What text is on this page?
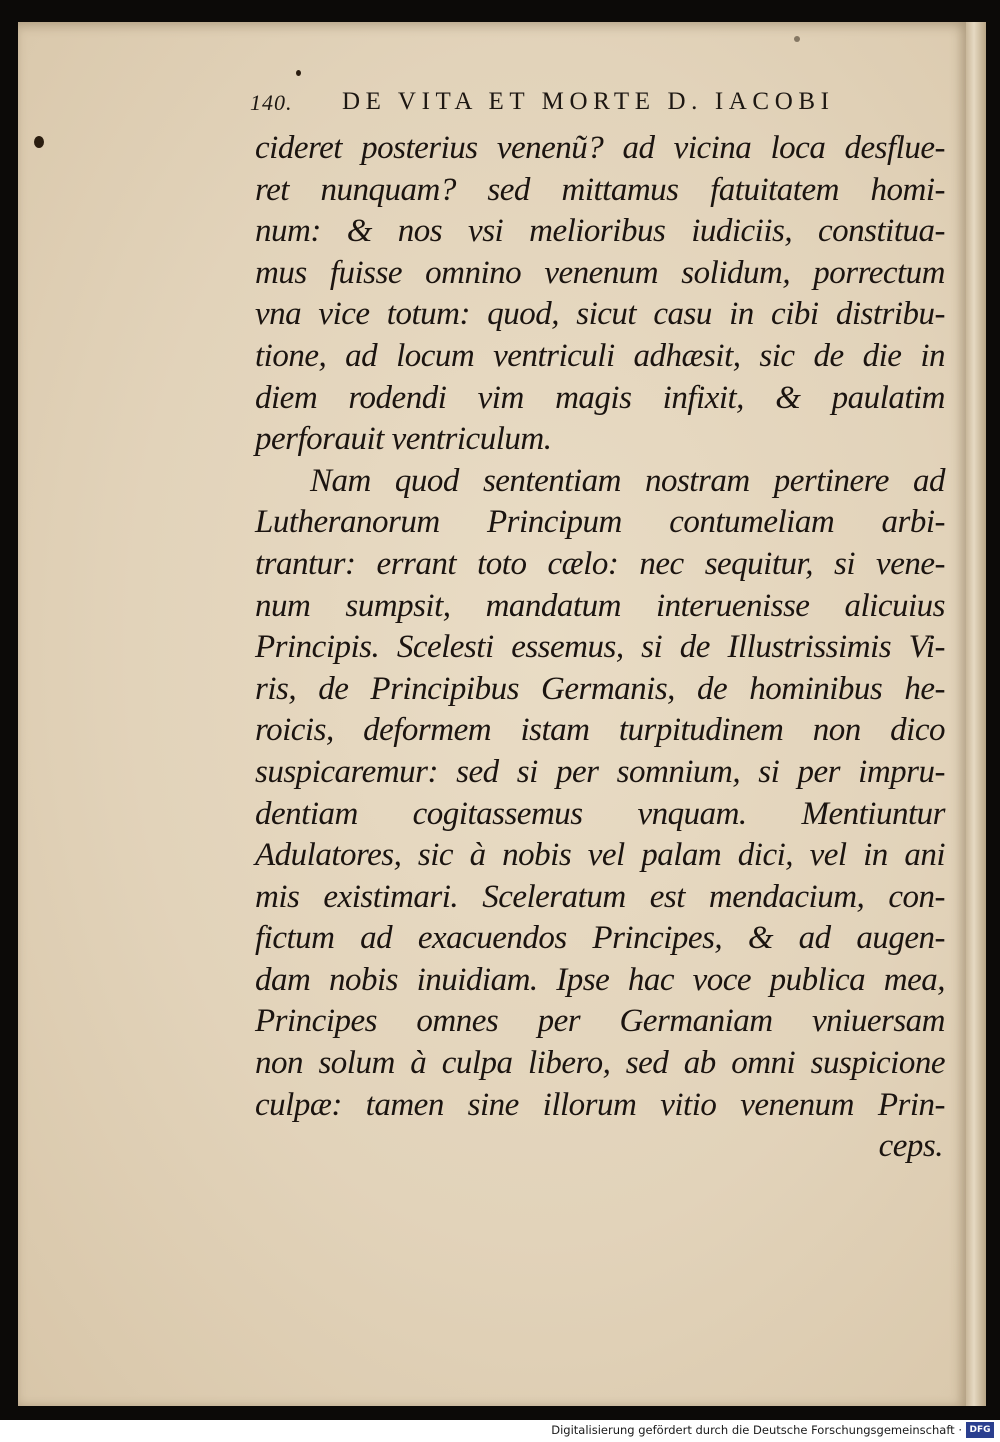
140. DE VITA ET MORTE D. IACOBI
cideret posterius venenũ? ad vicina loca desflue-
ret nunquam? sed mittamus fatuitatem homi-
num: & nos vsi melioribus iudiciis, constitua-
mus fuisse omnino venenum solidum, porrectum
vna vice totum: quod, sicut casu in cibi distribu-
tione, ad locum ventriculi adhæsit, sic de die in
diem rodendi vim magis infixit, & paulatim
perforauit ventriculum.
Nam quod sententiam nostram pertinere ad
Lutheranorum Principum contumeliam arbi-
trantur: errant toto cælo: nec sequitur, si vene-
num sumpsit, mandatum interuenisse alicuius
Principis. Scelesti essemus, si de Illustrissimis Vi-
ris, de Principibus Germanis, de hominibus he-
roicis, deformem istam turpitudinem non dico
suspicaremur: sed si per somnium, si per impru-
dentiam cogitassemus vnquam. Mentiuntur
Adulatores, sic à nobis vel palam dici, vel in ani
mis existimari. Sceleratum est mendacium, con-
fictum ad exacuendos Principes, & ad augen-
dam nobis inuidiam. Ipse hac voce publica mea,
Principes omnes per Germaniam vniuersam
non solum à culpa libero, sed ab omni suspicione
culpæ: tamen sine illorum vitio venenum Prin-
ceps.
Digitalisierung gefördert durch die Deutsche Forschungsgemeinschaft · DFG
